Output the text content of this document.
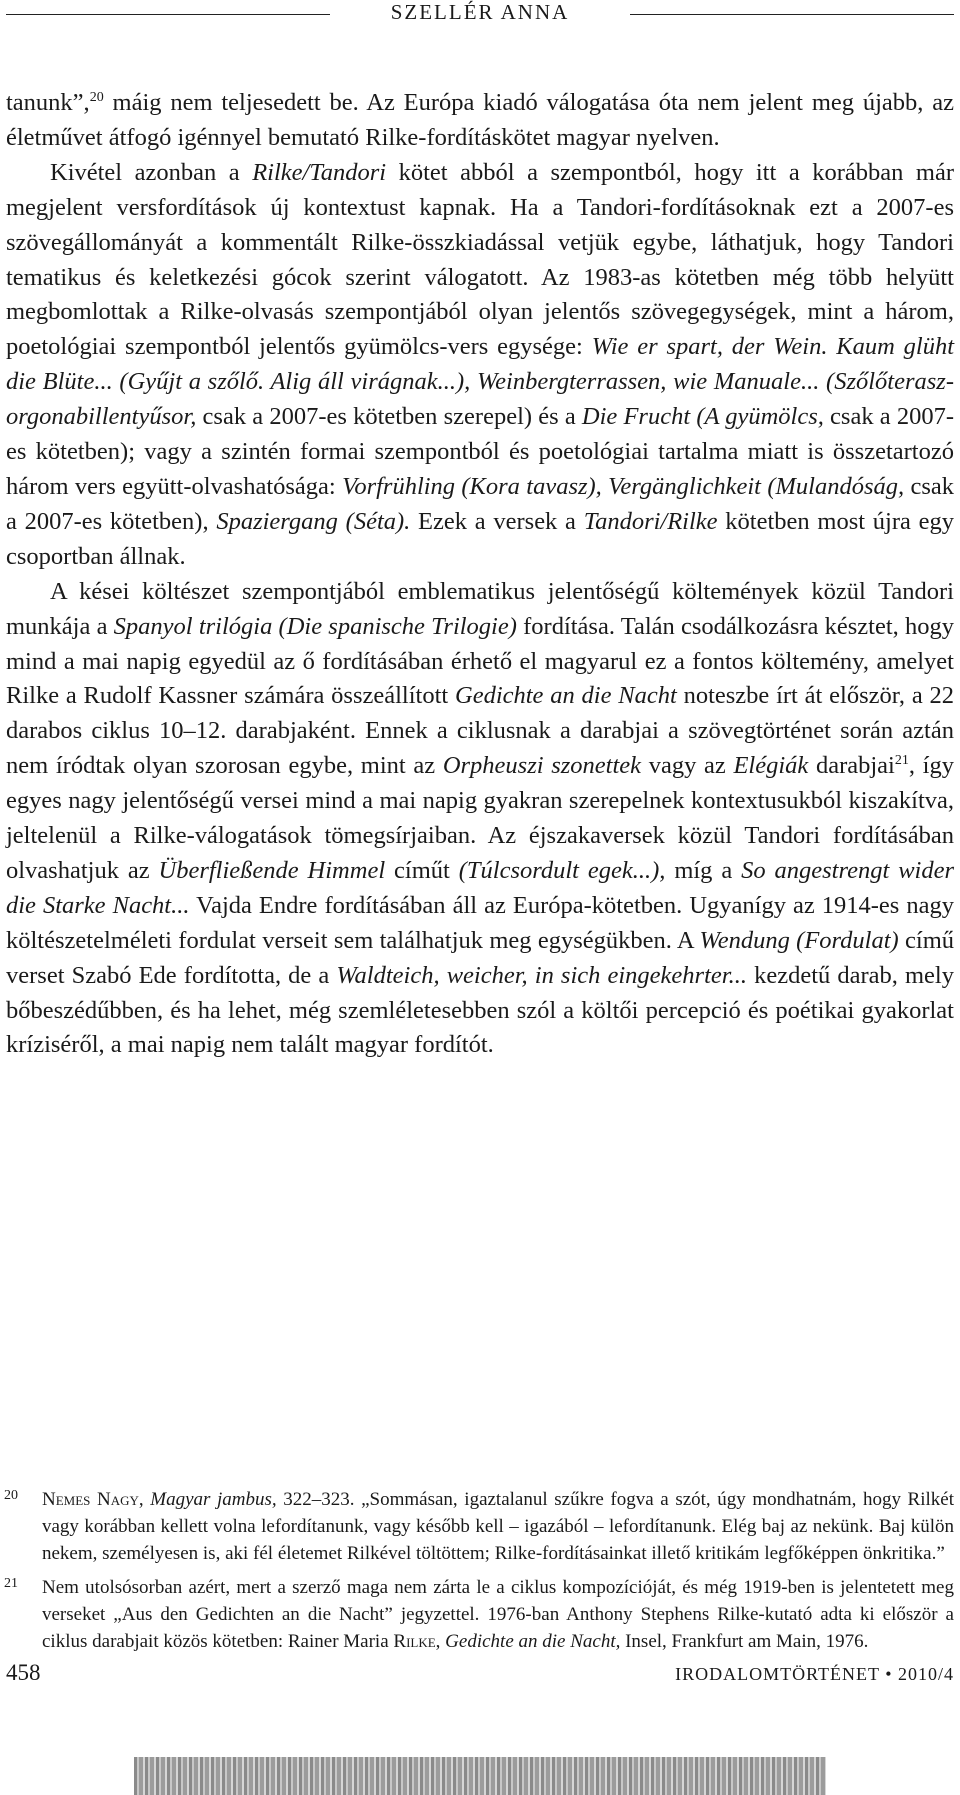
SZELLÉR ANNA

tanunk”,$^{20}$ máig nem teljesedett be. Az Európa kiadó válogatása óta nem jelent meg újabb, az életművet átfogó igénnyel bemutató Rilke-fordításkötet magyar nyelven.

Kivétel azonban a Rilke/Tandori kötet abból a szempontból, hogy itt a korábban már megjelent versfordítások új kontextust kapnak. Ha a Tandori-fordításoknak ezt a 2007-es szövegállományát a kommentált Rilke-összkiadással vetjük egybe, láthatjuk, hogy Tandori tematikus és keletkezési gócok szerint válogatott. Az 1983-as kötetben még több helyütt megbomlottak a Rilke-olvasás szempontjából olyan jelentős szövegegységek, mint a három, poetológiai szempontból jelentős gyümölcs-vers egysége: Wie er spart, der Wein. Kaum glüht die Blüte... (Gyűjt a szőlő. Alig áll virágnak...), Weinbergterrassen, wie Manuale... (Szőlőterasz-orgonabillentyűsor, csak a 2007-es kötetben szerepel) és a Die Frucht (A gyümölcs, csak a 2007-es kötetben); vagy a szintén formai szempontból és poetológiai tartalma miatt is összetartozó három vers együtt-olvashatósága: Vorfrühling (Kora tavasz), Vergänglichkeit (Mulandóság, csak a 2007-es kötetben), Spaziergang (Séta). Ezek a versek a Tandori/Rilke kötetben most újra egy csoportban állnak.

A kései költészet szempontjából emblematikus jelentőségű költemények közül Tandori munkája a Spanyol trilógia (Die spanische Trilogie) fordítása. Talán csodálkozásra késztet, hogy mind a mai napig egyedül az ő fordításában érhető el magyarul ez a fontos költemény, amelyet Rilke a Rudolf Kassner számára összeállított Gedichte an die Nacht noteszbe írt át először, a 22 darabos ciklus 10–12. darabjaként. Ennek a ciklusnak a darabjai a szövegtörténet során aztán nem íródtak olyan szorosan egybe, mint az Orpheuszi szonettek vagy az Elégiák darabjai$^{21}$, így egyes nagy jelentőségű versei mind a mai napig gyakran szerepelnek kontextusukból kiszakítva, jeltelenül a Rilke-válogatások tömegsírjaiban. Az éjszakaversek közül Tandori fordításában olvashatjuk az Überfließende Himmel címűt (Túlcsordult egek...), míg a So angestrengt wider die Starke Nacht... Vajda Endre fordításában áll az Európa-kötetben. Ugyanígy az 1914-es nagy költészetelméleti fordulat verseit sem találhatjuk meg egységükben. A Wendung (Fordulat) című verset Szabó Ede fordította, de a Waldteich, weicher, in sich eingekehrter... kezdetű darab, mely bőbeszédűbben, és ha lehet, még szemléletesebben szól a költői percepció és poétikai gyakorlat kríziséről, a mai napig nem talált magyar fordítót.

20 Nemes Nagy, Magyar jambus, 322–323. „Sommásan, igaztalanul szűkre fogva a szót, úgy mondhatnám, hogy Rilkét vagy korábban kellett volna lefordítanunk, vagy később kell – igazából – lefordítanunk. Elég baj az nekünk. Baj külön nekem, személyesen is, aki fél életemet Rilkével töltöttem; Rilke-fordításainkat illető kritikám legfőképpen önkritika.”
21 Nem utolsósorban azért, mert a szerző maga nem zárta le a ciklus kompozícióját, és még 1919-ben is jelentetett meg verseket „Aus den Gedichten an die Nacht” jegyzettel. 1976-ban Anthony Stephens Rilke-kutató adta ki először a ciklus darabjait közös kötetben: Rainer Maria Rilke, Gedichte an die Nacht, Insel, Frankfurt am Main, 1976.
458	IRODALOMTÖRTÉNET • 2010/4
